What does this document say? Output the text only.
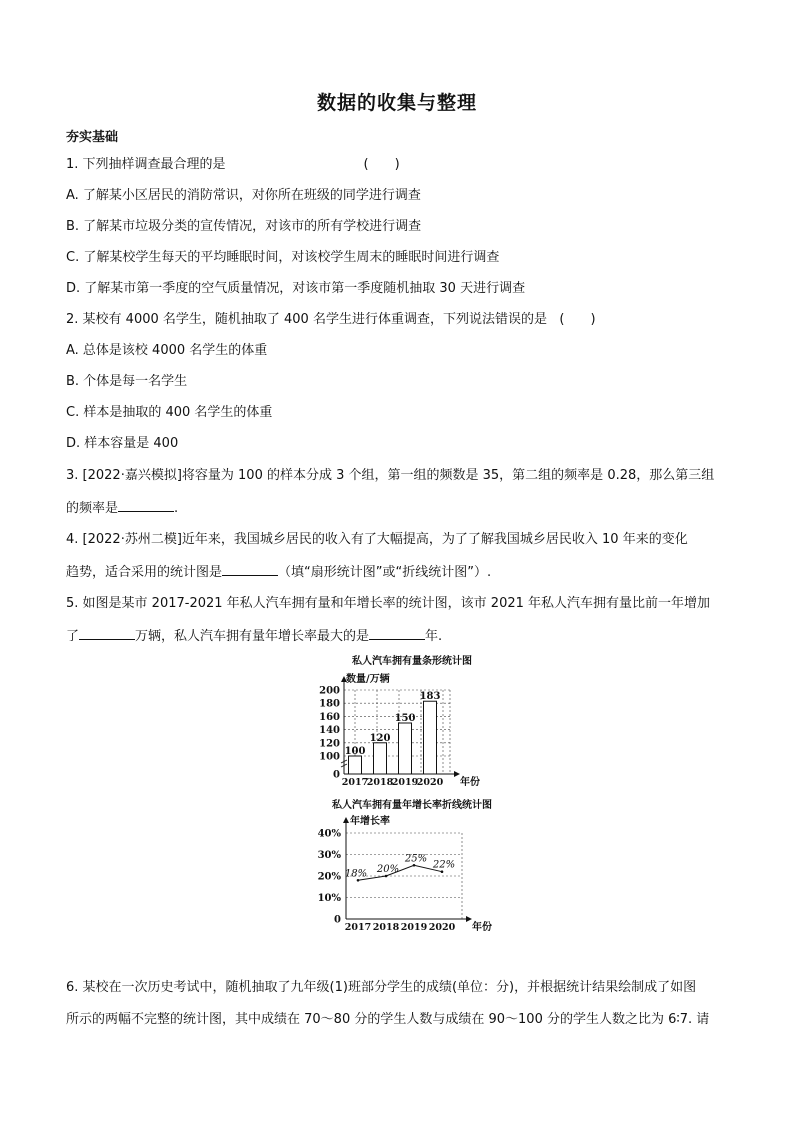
数据的收集与整理
夯实基础
1. 下列抽样调查最合理的是	(　　)
A. 了解某小区居民的消防常识，对你所在班级的同学进行调查
B. 了解某市垃圾分类的宣传情况，对该市的所有学校进行调查
C. 了解某校学生每天的平均睡眠时间，对该校学生周末的睡眠时间进行调查
D. 了解某市第一季度的空气质量情况，对该市第一季度随机抽取 30 天进行调查
2. 某校有 4000 名学生，随机抽取了 400 名学生进行体重调查，下列说法错误的是 (　　)
A. 总体是该校 4000 名学生的体重
B. 个体是每一名学生
C. 样本是抽取的 400 名学生的体重
D. 样本容量是 400
3. [2022·嘉兴模拟]将容量为 100 的样本分成 3 个组，第一组的频数是 35，第二组的频率是 0.28，那么第三组
的频率是	.
4. [2022·苏州二模]近年来，我国城乡居民的收入有了大幅提高，为了了解我国城乡居民收入 10 年来的变化
趋势，适合采用的统计图是	（填“扇形统计图”或“折线统计图”）.
5. 如图是某市 2017-2021 年私人汽车拥有量和年增长率的统计图，该市 2021 年私人汽车拥有量比前一年增加
了	万辆，私人汽车拥有量年增长率最大的是	年.
私人汽车拥有量条形统计图
数量/万辆
0
100
120
140
160
180
200
100
2017
120
2018
150
2019
183
2020 年份
私人汽车拥有量年增长率折线统计图
年增长率
0
10%
20%
30%
40%
18%
2017
20%
2018
25%
2019
22%
2020 年份
6. 某校在一次历史考试中，随机抽取了九年级(1)班部分学生的成绩(单位：分)，并根据统计结果绘制成了如图
所示的两幅不完整的统计图，其中成绩在 70～80 分的学生人数与成绩在 90～100 分的学生人数之比为 6∶7. 请
